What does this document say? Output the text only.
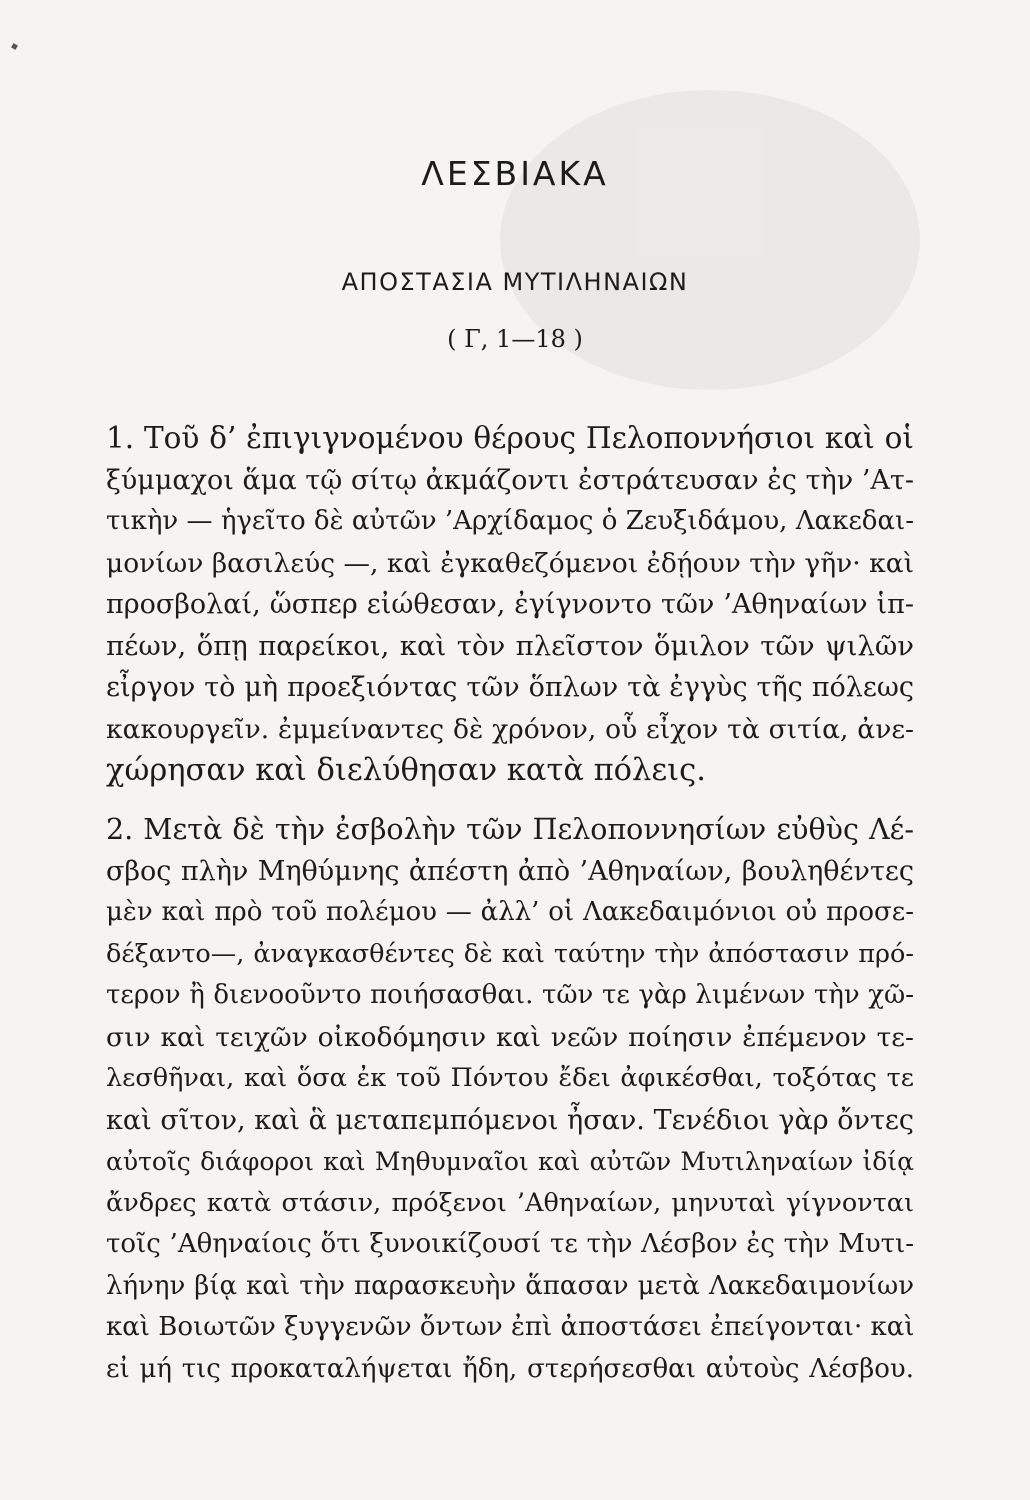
ΛΕΣΒΙΑΚΑ
ΑΠΟΣΤΑΣΙΑ ΜΥΤΙΛΗΝΑΙΩΝ
( Γ, 1—18 )
1. Τοῦ δ’ ἐπιγιγνομένου θέρους Πελοποννήσιοι καὶ οἱ
ξύμμαχοι ἅμα τῷ σίτῳ ἀκμάζοντι ἐστράτευσαν ἐς τὴν ’Ατ-
τικὴν — ἡγεῖτο δὲ αὐτῶν ’Αρχίδαμος ὁ Ζευξιδάμου, Λακεδαι-
μονίων βασιλεύς —, καὶ ἐγκαθεζόμενοι ἐδῄουν τὴν γῆν· καὶ
προσβολαί, ὥσπερ εἰώθεσαν, ἐγίγνοντο τῶν ’Αθηναίων ἱπ-
πέων, ὅπῃ παρείκοι, καὶ τὸν πλεῖστον ὅμιλον τῶν ψιλῶν
εἶργον τὸ μὴ προεξιόντας τῶν ὅπλων τὰ ἐγγὺς τῆς πόλεως
κακουργεῖν. ἐμμείναντες δὲ χρόνον, οὗ εἶχον τὰ σιτία, ἀνε-
χώρησαν καὶ διελύθησαν κατὰ πόλεις.
2. Μετὰ δὲ τὴν ἐσβολὴν τῶν Πελοποννησίων εὐθὺς Λέ-
σβος πλὴν Μηθύμνης ἀπέστη ἀπὸ ’Αθηναίων, βουληθέντες
μὲν καὶ πρὸ τοῦ πολέμου — ἀλλ’ οἱ Λακεδαιμόνιοι οὐ προσε-
δέξαντο—, ἀναγκασθέντες δὲ καὶ ταύτην τὴν ἀπόστασιν πρό-
τερον ἢ διενοοῦντο ποιήσασθαι. τῶν τε γὰρ λιμένων τὴν χῶ-
σιν καὶ τειχῶν οἰκοδόμησιν καὶ νεῶν ποίησιν ἐπέμενον τε-
λεσθῆναι, καὶ ὅσα ἐκ τοῦ Πόντου ἔδει ἀφικέσθαι, τοξότας τε
καὶ σῖτον, καὶ ἃ μεταπεμπόμενοι ἦσαν. Τενέδιοι γὰρ ὄντες
αὐτοῖς διάφοροι καὶ Μηθυμναῖοι καὶ αὐτῶν Μυτιληναίων ἰδίᾳ
ἄνδρες κατὰ στάσιν, πρόξενοι ’Αθηναίων, μηνυταὶ γίγνονται
τοῖς ’Αθηναίοις ὅτι ξυνοικίζουσί τε τὴν Λέσβον ἐς τὴν Μυτι-
λήνην βίᾳ καὶ τὴν παρασκευὴν ἅπασαν μετὰ Λακεδαιμονίων
καὶ Βοιωτῶν ξυγγενῶν ὄντων ἐπὶ ἀποστάσει ἐπείγονται· καὶ
εἰ μή τις προκαταλήψεται ἤδη, στερήσεσθαι αὐτοὺς Λέσβου.
